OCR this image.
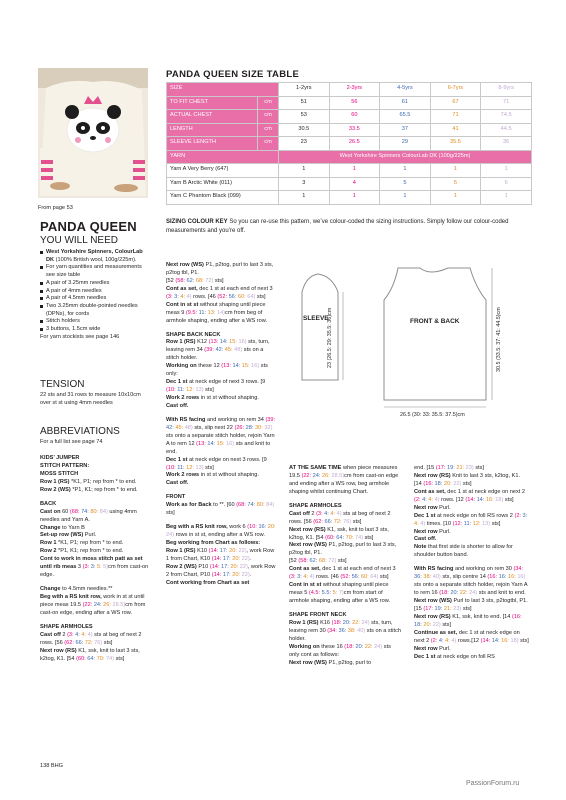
From page 53
PANDA QUEEN
YOU WILL NEED
West Yorkshire Spinners, ColourLab DK (100% British wool, 100g/225m).
For yarn quantities and measurements see size table
A pair of 3.25mm needles
A pair of 4mm needles
A pair of 4.5mm needles
Two 3.25mm double-pointed needles (DPNs), for cords
Stitch holders
3 buttons, 1.5cm wide
For yarn stockists see page 146
TENSION
22 sts and 31 rows to measure 10x10cm over st st using 4mm needles
ABBREVIATIONS
For a full list see page 74
KIDS’ JUMPER
STITCH PATTERN:
MOSS STITCH

Row 1 (RS) *K1, P1; rep from * to end.

Row 2 (WS) *P1, K1; rep from * to end.

BACK

Cast on 60 (68: 74: 80: 84) using 4mm needles and Yarn A.
Change to Yarn B
Set-up row (WS) Purl.
Row 1 *K1, P1; rep from * to end.
Row 2 *P1, K1; rep from * to end.
Cont to work in moss stitch patt as set until rib meas 3 (3: 3: 5: 5)cm from cast-on edge.

Change to 4.5mm needles.**
Beg with a RS knit row, work in st st until piece meas 19.5 (22: 24: 26: 28.5)cm from cast-on edge, ending after a WS row.

SHAPE ARMHOLES

Cast off 2 (3: 4: 4: 4) sts at beg of next 2 rows. [56 (62: 66: 72: 76) sts]
Next row (RS) K1, ssk, knit to last 3 sts, k2tog, K1. [54 (60: 64: 70: 74) sts]

PANDA QUEEN SIZE TABLE
SIZE		1-2yrs	2-3yrs	4-5yrs	6-7yrs	8-9yrs
TO FIT CHEST	cm	51	56	61	67	71
ACTUAL CHEST	cm	53	60	65.5	71	74.5
LENGTH	cm	30.5	33.5	37	41	44.5
SLEEVE LENGTH	cm	23	26.5	29	35.5	36
YARN		West Yorkshire Spinners ColourLab DK (100g/225m)				
Yarn A Very Berry (647)		1	1	1	1	1
Yarn B Arctic White (011)		3	4	5	5	6
Yarn C Phantom Black (099)		1	1	1	1	1
SIZING COLOUR KEY So you can re-use this pattern, we’ve colour-coded the sizing instructions. Simply follow our colour-coded measurements and you’re off.

Next row (WS) P1, p2tog, purl to last 3 sts, p2tog tbl, P1.
[52 (58: 62: 68: 72) sts]
Cont as set, dec 1 st at each end of next 3 (3: 3: 4: 4) rows. [46 (52: 56: 60: 64) sts]
Cont in st st without shaping until piece meas 9 (9.5: 11: 13: 14)cm from beg of armhole shaping, ending after a WS row.

SHAPE BACK NECK

Row 1 (RS) K12 (13: 14: 15: 16) sts, turn, leaving rem 34 (39: 42: 45: 48) sts on a stitch holder.
Working on these 12 (13: 14: 15: 16) sts only:
Dec 1 st at neck edge of next 3 rows. [9 (10: 11: 12: 13) sts]
Work 2 rows in st st without shaping.
Cast off.

With RS facing and working on rem 34 (39: 42: 45: 48) sts, slip next 22 (26: 28: 30: 32) sts onto a separate stitch holder, rejoin Yarn A to rem 12 (13: 14: 15: 16) sts and knit to end.
Dec 1 st at neck edge on next 3 rows. [9 (10: 11: 12: 13) sts]
Work 2 rows in st st without shaping.
Cast off.

FRONT

Work as for Back to **. [60 (68: 74: 80: 84) sts]

Beg with a RS knit row, work 6 (10: 16: 20: 24) rows in st st, ending after a WS row.
Beg working from Chart as follows:
Row 1 (RS) K10 (14: 17: 20: 22), work Row 1 from Chart, K10 (14: 17: 20: 22).
Row 2 (WS) P10 (14: 17: 20: 22), work Row 2 from Chart, P10 (14: 17: 20: 22).
Cont working from Chart as set

SLEEVE	FRONT & BACK
23 (26.5: 29: 35.5: 36)cm	30.5 (33.5: 37: 41: 44.5)cm
26.5 (30: 33: 35.5: 37.5)cm

AT THE SAME TIME when piece measures 19.5 (22: 24: 26: 28.5)cm from cast-on edge and ending after a WS row, beg armhole shaping whilst continuing Chart.

SHAPE ARMHOLES

Cast off 2 (3: 4: 4: 4) sts at beg of next 2 rows. [56 (62: 66: 72: 76) sts]
Next row (RS) K1, ssk, knit to last 3 sts, k2tog, K1. [54 (60: 64: 70: 74) sts]
Next row (WS) P1, p2tog, purl to last 3 sts, p2tog tbl, P1.
[52 (58: 62: 68: 72) sts]
Cont as set, dec 1 st at each end of next 3 (3: 3: 4: 4) rows. [46 (52: 56: 60: 64) sts]
Cont in st st without shaping until piece meas 5 (4.5: 5.5: 5: 7)cm from start of armhole shaping, ending after a WS row.

SHAPE FRONT NECK

Row 1 (RS) K16 (18: 20: 22: 24) sts, turn, leaving rem 30 (34: 36: 38: 40) sts on a stitch holder.
Working on these 16 (18: 20: 22: 24) sts only cont as follows:
Next row (WS) P1, p2tog, purl to

end. [15 (17: 19: 21: 23) sts]
Next row (RS) Knit to last 3 sts, k2tog, K1. [14 (16: 18: 20: 22) sts]
Cont as set, dec 1 st at neck edge on next 2 (2: 4: 4: 4) rows. [12 (14: 14: 16: 18) sts]
Next row Purl.
Dec 1 st at neck edge on foll RS rows 2 (2: 3: 4: 4) times. [10 (12: 11: 12: 13) sts]
Next row Purl.
Cast off.
Note that first side is shorter to allow for shoulder button band.

With RS facing and working on rem 30 (34: 36: 38: 40) sts, slip centre 14 (16: 16: 16: 16) sts onto a separate stitch holder, rejoin Yarn A to rem 16 (18: 20: 22: 24) sts and knit to end.
Next row (WS) Purl to last 3 sts, p2togtbl, P1. [15 (17: 19: 21: 23) sts]
Next row (RS) K1, ssk, knit to end. [14 (16: 18: 20: 22) sts]
Continue as set, dec 1 st at neck edge on next 2 (2: 4: 4: 4) rows.[12 (14: 14: 16: 18) sts]
Next row Purl.
Dec 1 st at neck edge on foll RS

138 BHG
PassionForum.ru
